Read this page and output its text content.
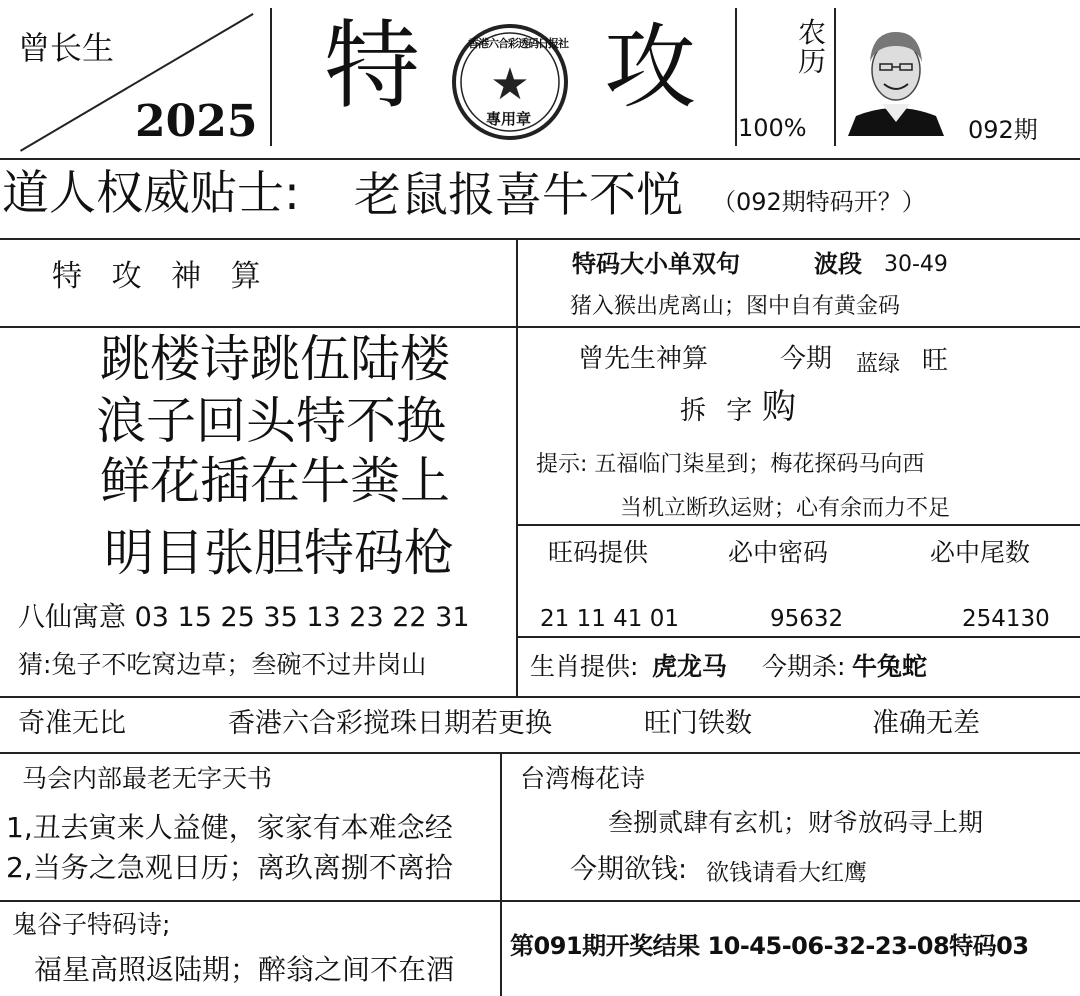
曾长生
2025 特 ★
香港六合彩透码日报社
專用章 攻	农历
100%	092期
道人权威贴士: 老鼠报喜牛不悦 （092期特码开？）
特 攻 神 算
跳楼诗跳伍陆楼
浪子回头特不换
鲜花插在牛粪上
明目张胆特码枪
八仙寓意 03 15 25 35 13 23 22 31
猜:兔子不吃窝边草；叁碗不过井岗山
特码大小单双句	波段 30-49
猪入猴出虎离山；图中自有黄金码
曾先生神算	今期 蓝绿 旺
拆 字 购
提示: 五福临门柒星到；梅花探码马向西
当机立断玖运财；心有余而力不足
旺码提供	必中密码	必中尾数
21 11 41 01	95632	254130
生肖提供: 虎龙马 今期杀: 牛兔蛇
奇准无比	香港六合彩搅珠日期若更换	旺门铁数	准确无差
马会内部最老无字天书
1,丑去寅来人益健，家家有本难念经
2,当务之急观日历；离玖离捌不离拾
鬼谷子特码诗;
福星高照返陆期；醉翁之间不在酒
台湾梅花诗
叁捌贰肆有玄机；财爷放码寻上期
今期欲钱: 欲钱请看大红鹰
第091期开奖结果 10-45-06-32-23-08特码03
